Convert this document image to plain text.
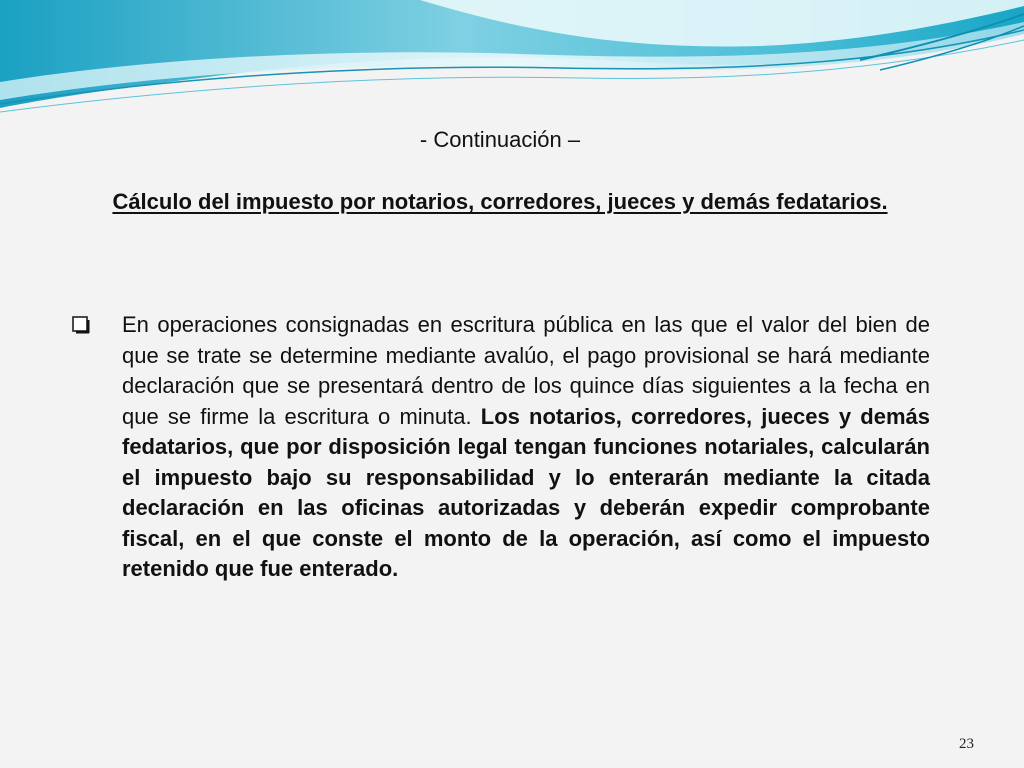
- Continuación –
Cálculo del impuesto por notarios, corredores, jueces y demás fedatarios.
En operaciones consignadas en escritura pública en las que el valor del bien de que se trate se determine mediante avalúo, el pago provisional se hará mediante declaración que se presentará dentro de los quince días siguientes a la fecha en que se firme la escritura o minuta. Los notarios, corredores, jueces y demás fedatarios, que por disposición legal tengan funciones notariales, calcularán el impuesto bajo su responsabilidad y lo enterarán mediante la citada declaración en las oficinas autorizadas y deberán expedir comprobante fiscal, en el que conste el monto de la operación, así como el impuesto retenido que fue enterado.
23
